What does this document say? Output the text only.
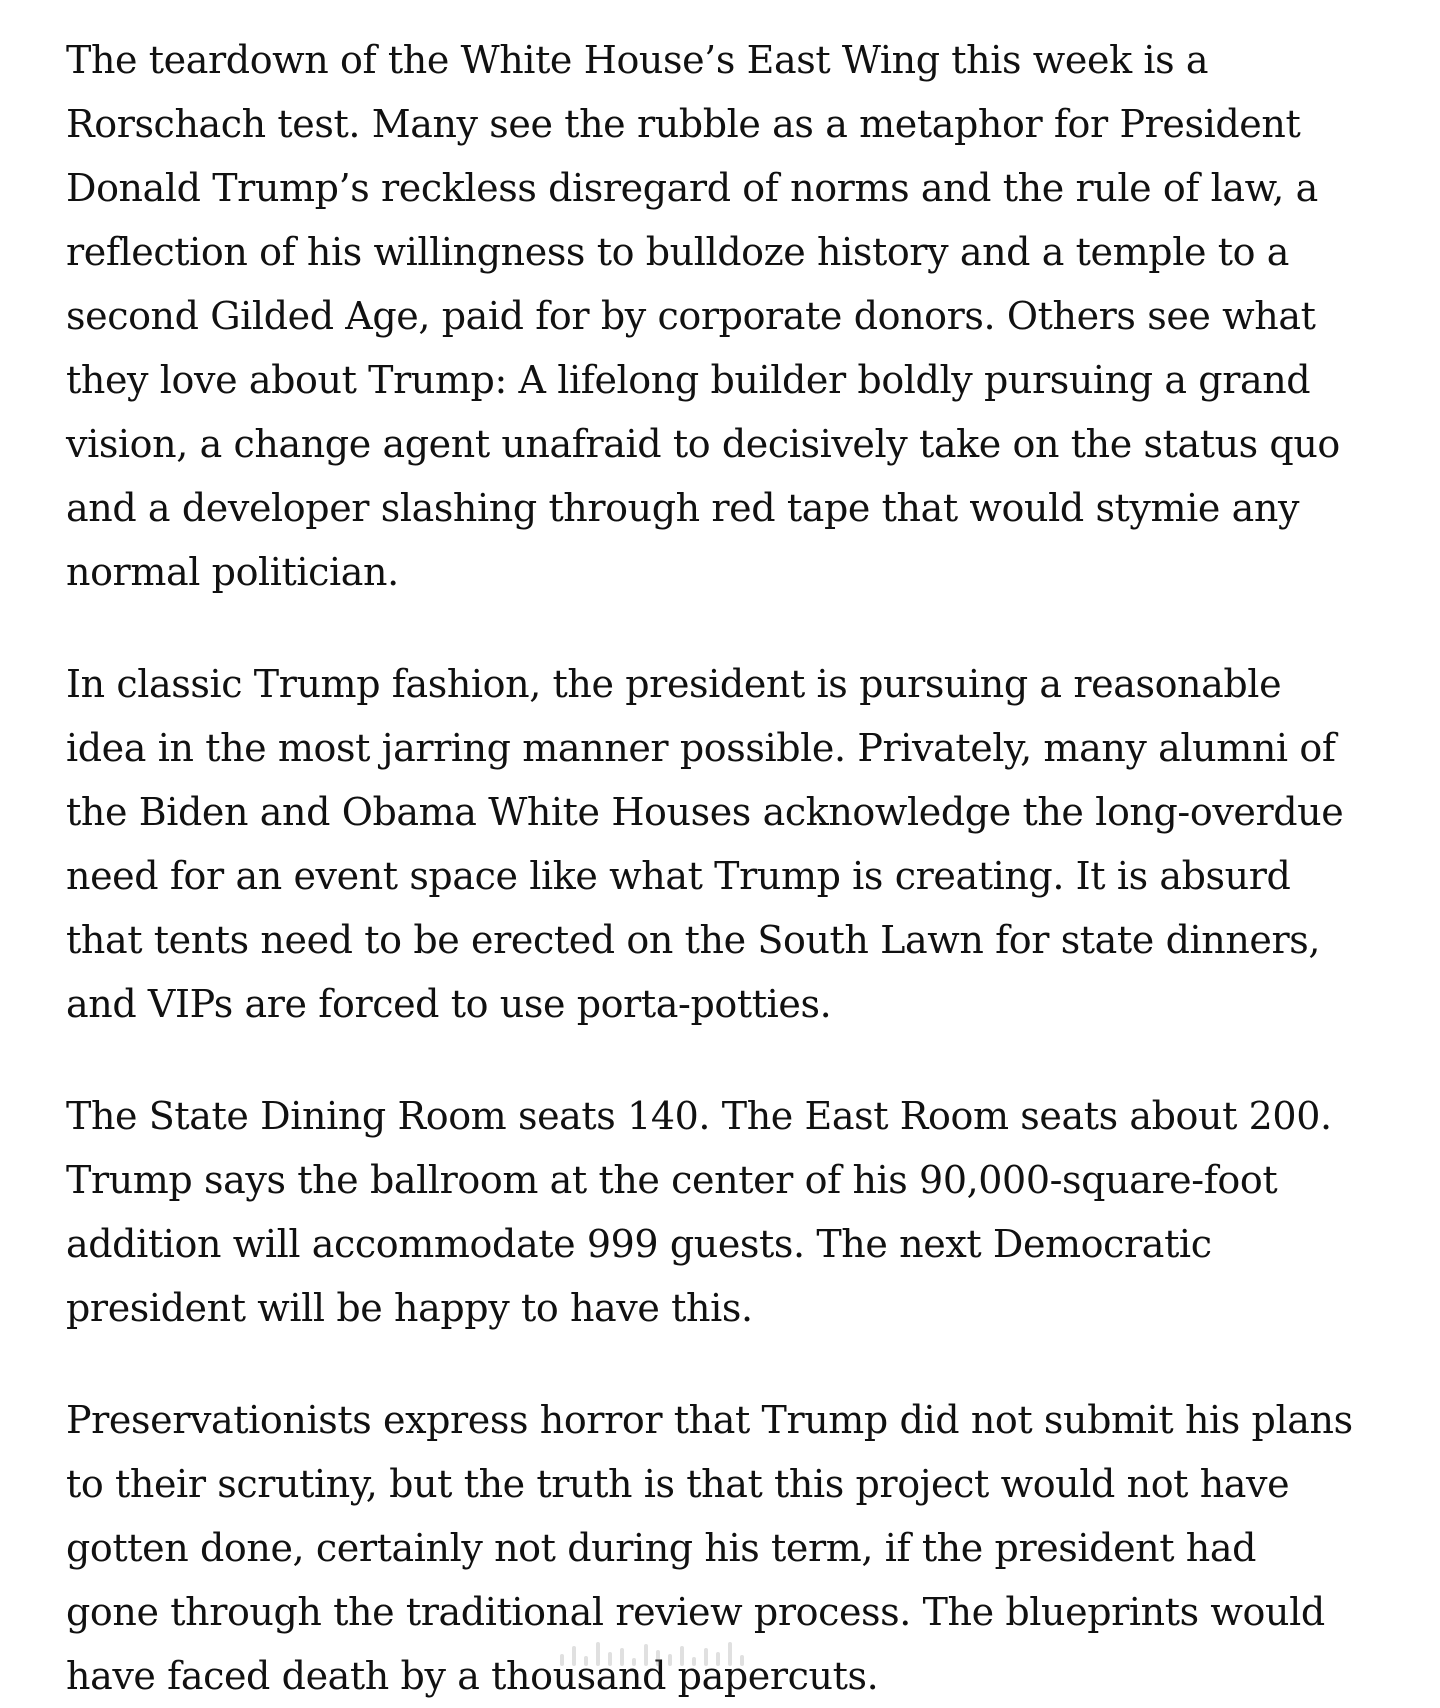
The teardown of the White House’s East Wing this week is a Rorschach test. Many see the rubble as a metaphor for President Donald Trump’s reckless disregard of norms and the rule of law, a reflection of his willingness to bulldoze history and a temple to a second Gilded Age, paid for by corporate donors. Others see what they love about Trump: A lifelong builder boldly pursuing a grand vision, a change agent unafraid to decisively take on the status quo and a developer slashing through red tape that would stymie any normal politician.

In classic Trump fashion, the president is pursuing a reasonable idea in the most jarring manner possible. Privately, many alumni of the Biden and Obama White Houses acknowledge the long-overdue need for an event space like what Trump is creating. It is absurd that tents need to be erected on the South Lawn for state dinners, and VIPs are forced to use porta-potties.

The State Dining Room seats 140. The East Room seats about 200. Trump says the ballroom at the center of his 90,000-square-foot addition will accommodate 999 guests. The next Democratic president will be happy to have this.

Preservationists express horror that Trump did not submit his plans to their scrutiny, but the truth is that this project would not have gotten done, certainly not during his term, if the president had gone through the traditional review process. The blueprints would have faced death by a thousand papercuts.
